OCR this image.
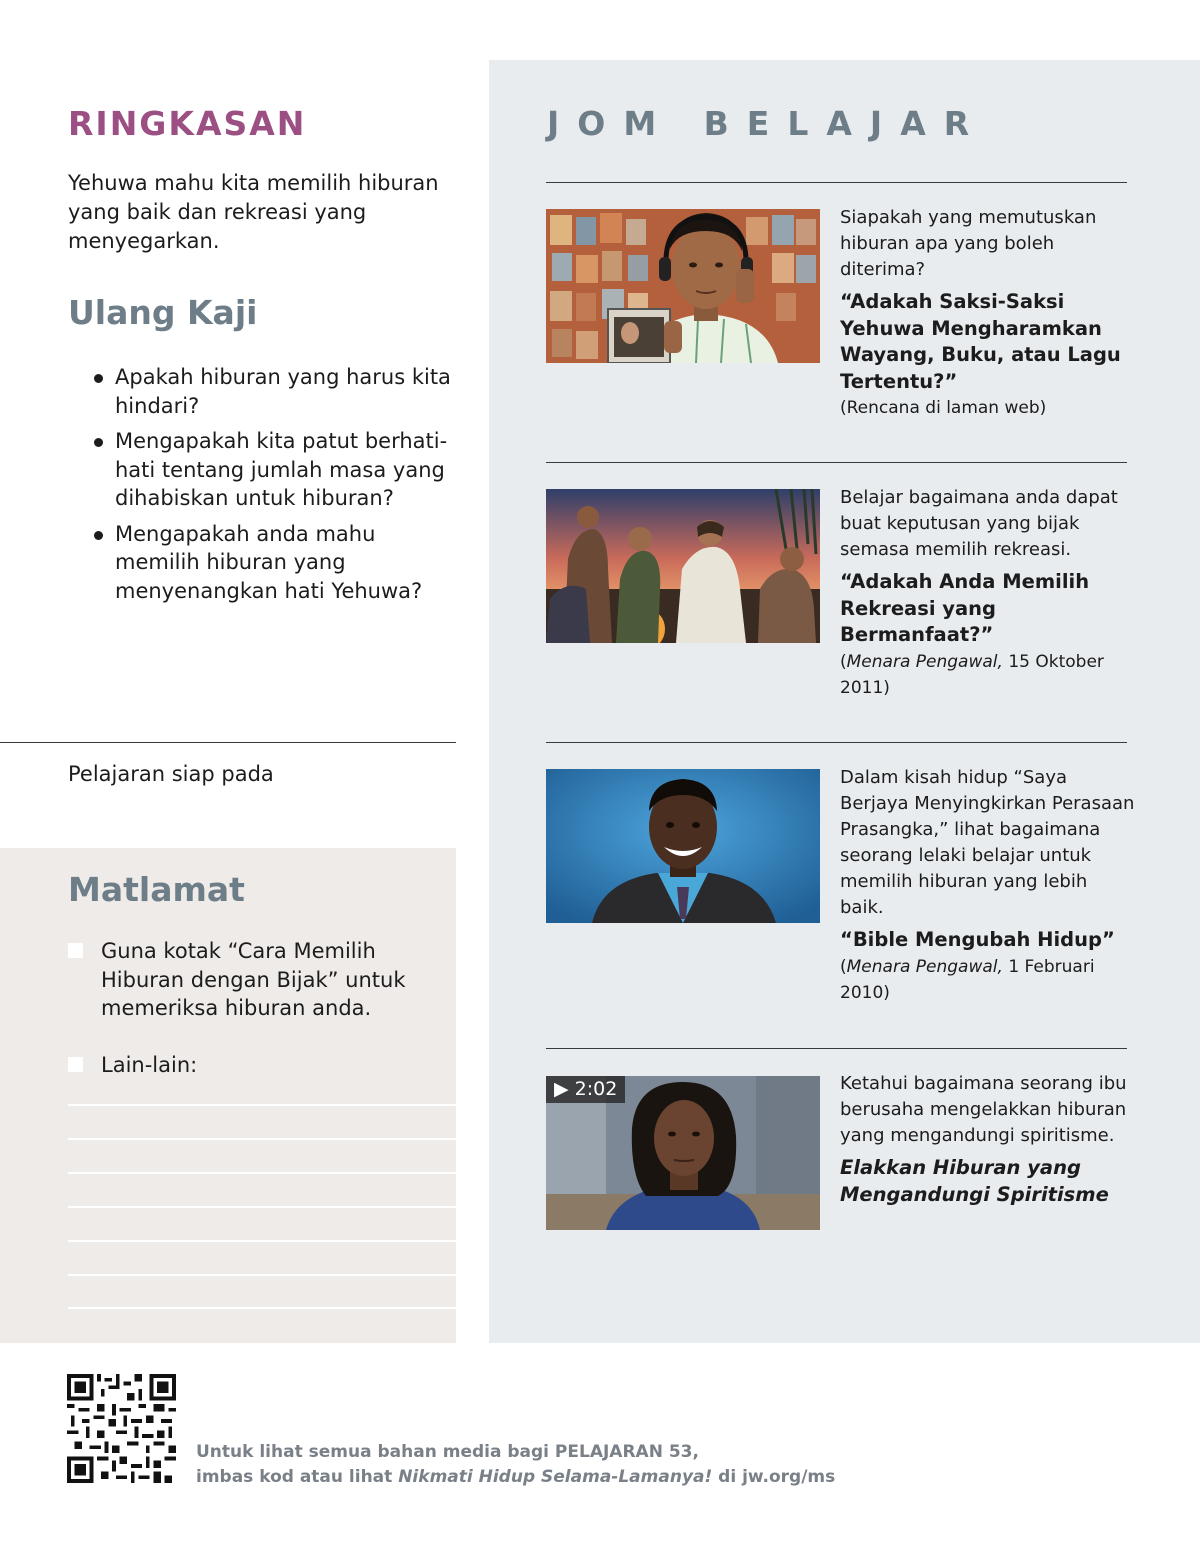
RINGKASAN
Yehuwa mahu kita memilih hiburan yang baik dan rekreasi yang menyegarkan.
Ulang Kaji
Apakah hiburan yang harus kita hindari?
Mengapakah kita patut berhati-hati tentang jumlah masa yang dihabiskan untuk hiburan?
Mengapakah anda mahu memilih hiburan yang menyenangkan hati Yehuwa?
Pelajaran siap pada
Matlamat
Guna kotak “Cara Memilih Hiburan dengan Bijak” untuk memeriksa hiburan anda.
Lain-lain:
JOM BELAJAR

Siapakah yang memutuskan hiburan apa yang boleh diterima?

“Adakah Saksi-Saksi Yehuwa Mengharamkan Wayang, Buku, atau Lagu Tertentu?”

(Rencana di laman web)

Belajar bagaimana anda dapat buat keputusan yang bijak semasa memilih rekreasi.

“Adakah Anda Memilih Rekreasi yang Bermanfaat?”

(Menara Pengawal, 15 Oktober 2011)

Dalam kisah hidup “Saya Berjaya Menyingkirkan Perasaan Prasangka,” lihat bagaimana seorang lelaki belajar untuk memilih hiburan yang lebih baik.

“Bible Mengubah Hidup”

(Menara Pengawal, 1 Februari 2010)

▶ 2:02	Ketahui bagaimana seorang ibu berusaha mengelakkan hiburan yang mengandungi spiritisme.

Elakkan Hiburan yang Mengandungi Spiritisme

Untuk lihat semua bahan media bagi PELAJARAN 53,
imbas kod atau lihat Nikmati Hidup Selama-Lamanya! di jw.org/ms
